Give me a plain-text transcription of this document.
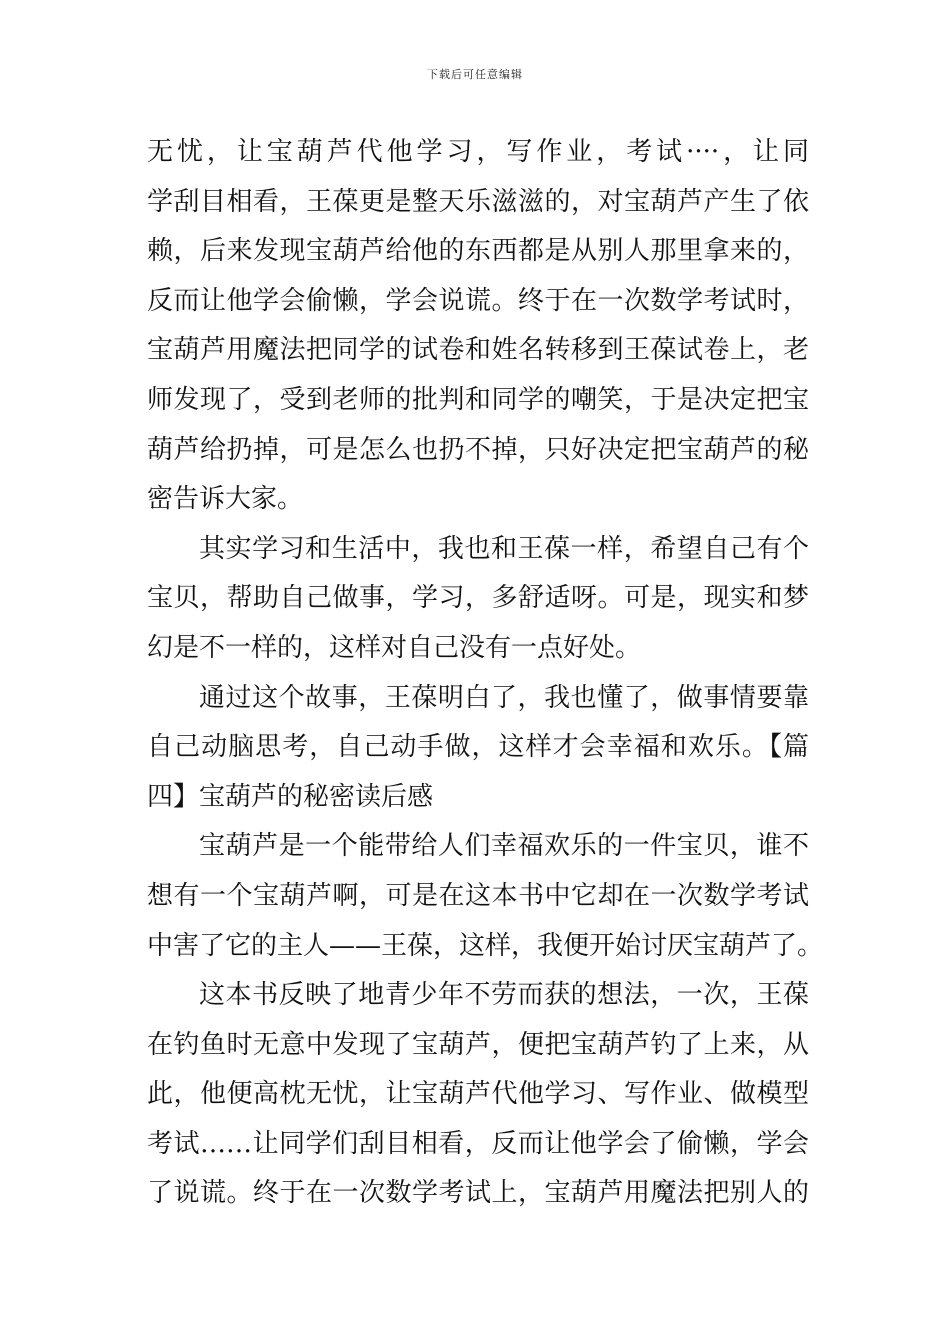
下载后可任意编辑
无忧，让宝葫芦代他学习，写作业，考试····，让同
学刮目相看，王葆更是整天乐滋滋的，对宝葫芦产生了依
赖，后来发现宝葫芦给他的东西都是从别人那里拿来的，
反而让他学会偷懒，学会说谎。终于在一次数学考试时，
宝葫芦用魔法把同学的试卷和姓名转移到王葆试卷上，老
师发现了，受到老师的批判和同学的嘲笑，于是决定把宝
葫芦给扔掉，可是怎么也扔不掉，只好决定把宝葫芦的秘
密告诉大家。
其实学习和生活中，我也和王葆一样，希望自己有个
宝贝，帮助自己做事，学习，多舒适呀。可是，现实和梦
幻是不一样的，这样对自己没有一点好处。
通过这个故事，王葆明白了，我也懂了，做事情要靠
自己动脑思考，自己动手做，这样才会幸福和欢乐。【篇
四】宝葫芦的秘密读后感
宝葫芦是一个能带给人们幸福欢乐的一件宝贝，谁不
想有一个宝葫芦啊，可是在这本书中它却在一次数学考试
中害了它的主人——王葆，这样，我便开始讨厌宝葫芦了。
这本书反映了地青少年不劳而获的想法，一次，王葆
在钓鱼时无意中发现了宝葫芦，便把宝葫芦钓了上来，从
此，他便高枕无忧，让宝葫芦代他学习、写作业、做模型
考试……让同学们刮目相看，反而让他学会了偷懒，学会
了说谎。终于在一次数学考试上，宝葫芦用魔法把别人的
